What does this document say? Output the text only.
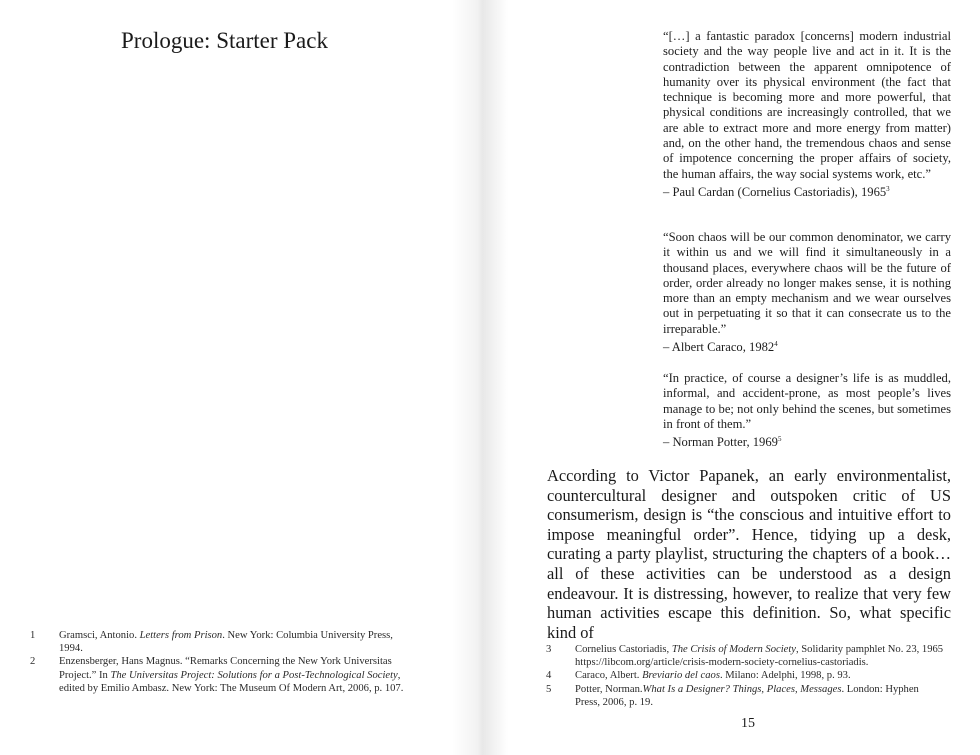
Prologue: Starter Pack

1	Gramsci, Antonio. Letters from Prison. New York: Columbia University Press, 1994.

2	Enzensberger, Hans Magnus. “Remarks Concerning the New York Universitas Project.” In The Universitas Project: Solutions for a Post-Technological Society, edited by Emilio Ambasz. New York: The Museum Of Modern Art, 2006, p. 107.

“[…] a fantastic paradox [concerns] modern industrial society and the way people live and act in it. It is the contradiction between the apparent omnipotence of humanity over its physical environment (the fact that technique is becoming more and more powerful, that physical conditions are increasingly controlled, that we are able to extract more and more energy from matter) and, on the other hand, the tremendous chaos and sense of impotence concerning the proper affairs of society, the human affairs, the way social systems work, etc.”

– Paul Cardan (Cornelius Castoriadis), 1965$^3$

“Soon chaos will be our common denominator, we carry it within us and we will find it simultaneously in a thousand places, everywhere chaos will be the future of order, order already no longer makes sense, it is nothing more than an empty mechanism and we wear ourselves out in perpetuating it so that it can consecrate us to the irreparable.”

– Albert Caraco, 1982$^4$

“In practice, of course a designer’s life is as muddled, informal, and accident-prone, as most people’s lives manage to be; not only behind the scenes, but sometimes in front of them.”

– Norman Potter, 1969$^5$

According to Victor Papanek, an early environmentalist, countercultural designer and outspoken critic of US consumerism, design is “the conscious and intuitive effort to impose meaningful order”. Hence, tidying up a desk, curating a party playlist, structuring the chapters of a book… all of these activities can be understood as a design endeavour. It is distressing, however, to realize that very few human activities escape this definition. So, what specific kind of

3	Cornelius Castoriadis, The Crisis of Modern Society, Solidarity pamphlet No. 23, 1965 https://libcom.org/article/crisis-modern-society-cornelius-castoriadis.

4	Caraco, Albert. Breviario del caos. Milano: Adelphi, 1998, p. 93.

5	Potter, Norman.What Is a Designer? Things, Places, Messages. London: Hyphen Press, 2006, p. 19.

15
